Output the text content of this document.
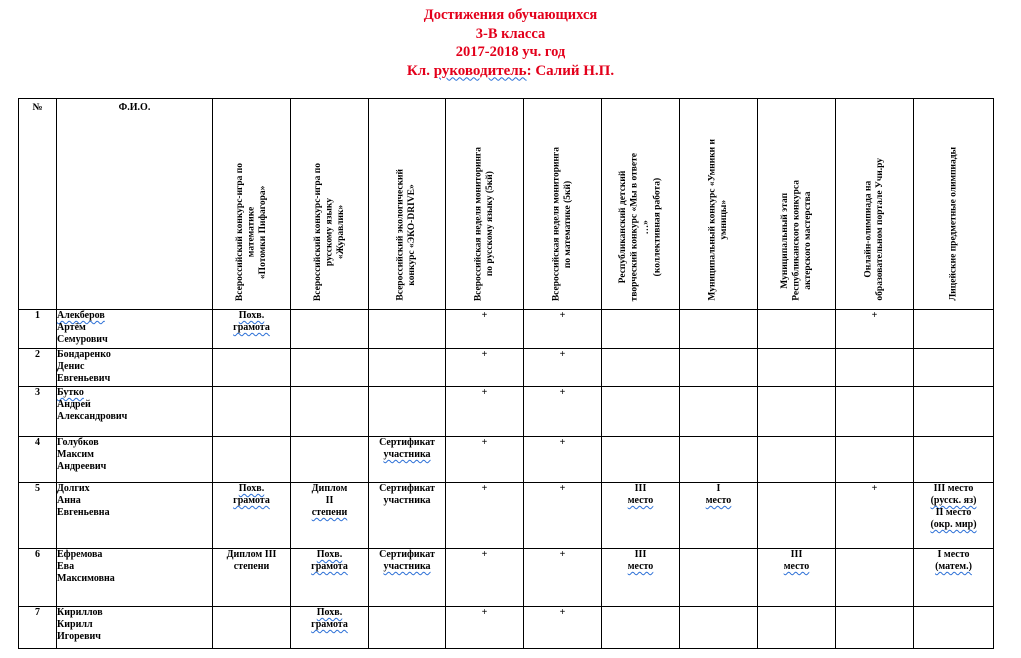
Достижения обучающихся
3-В класса
2017-2018 уч. год
Кл. руководитель: Салий Н.П.
№	Ф.И.О.	Всероссийский конкурс-игра по математике «Потомки Пифагора»	Всероссийский конкурс-игра по русскому языку «Журавлик»	Всероссийский экологический конкурс «ЭКО-DRIVE»	Всероссийская неделя мониторинга по русскому языку (5кй)	Всероссийская неделя мониторинга по математике (5кй)	Республиканский детский творческий конкурс «Мы в ответе …» (коллективная работа)	Муниципальный конкурс «Умники и умницы»	Муниципальный этап Республиканского конкурса актерского мастерства	Онлайн-олимпиада на образовательном портале Учи.ру	Лицейские предметные олимпиады

1	Алекберов
Артём
Семурович	Похв.
грамота			+	+				+	

2	Бондаренко
Денис
Евгеньевич				+	+					

3	Бутко
Андрей
Александрович				+	+					

4	Голубков
Максим
Андреевич			Сертификат
участника	+	+					

5	Долгих
Анна
Евгеньевна	Похв.
грамота	Диплом
II
степени	Сертификат
участника	+	+	III
место	I
место		+	III место
(русск. яз)
II место
(окр. мир)

6	Ефремова
Ева
Максимовна	Диплом III
степени	Похв.
грамота	Сертификат
участника	+	+	III
место		III
место		I место
(матем.)

7	Кириллов
Кирилл
Игоревич		Похв.
грамота		+	+					
